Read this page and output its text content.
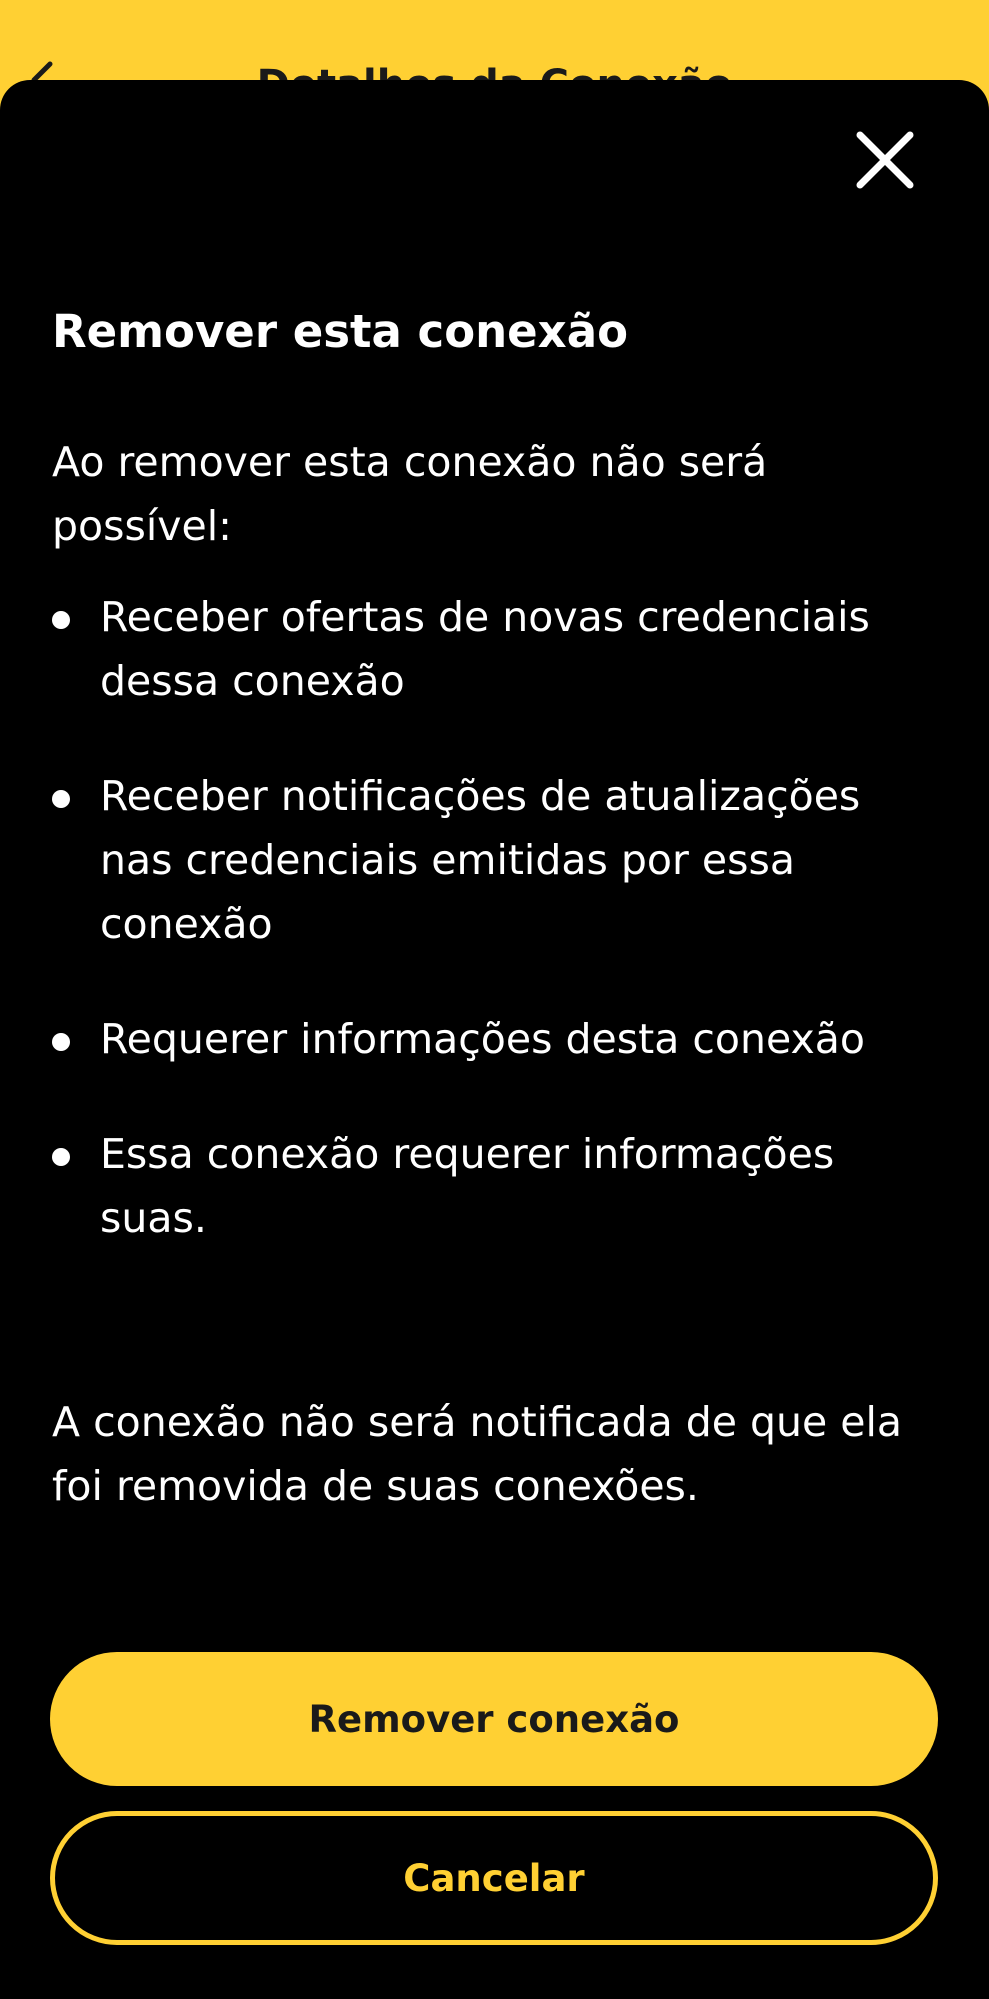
Remover esta conexão
Ao remover esta conexão não será possível:
Receber ofertas de novas credenciais dessa conexão
Receber notificações de atualizações nas credenciais emitidas por essa conexão
Requerer informações desta conexão
Essa conexão requerer informações suas.
A conexão não será notificada de que ela foi removida de suas conexões.
Remover conexão
Cancelar
